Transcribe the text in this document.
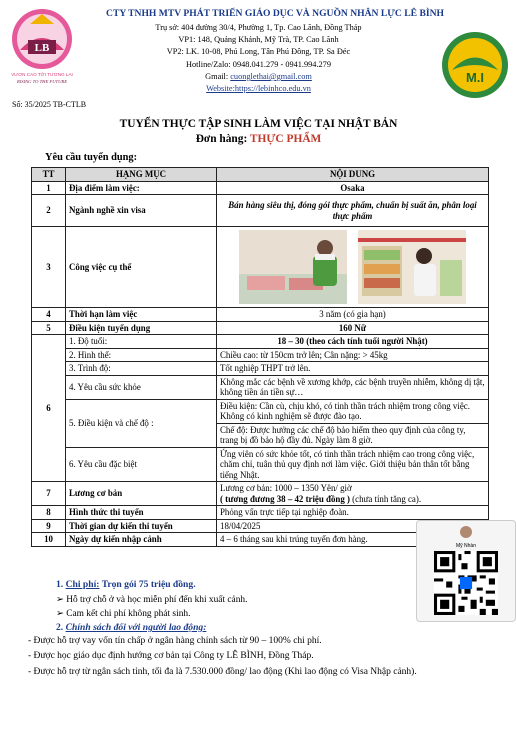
LB
VƯƠN CAO TỚI TƯƠNG LAI
RISING TO THE FUTURE	M.I
CTY TNHH MTV PHÁT TRIỂN GIÁO DỤC VÀ NGUỒN NHÂN LỰC LÊ BÌNH
Trụ sở: 404 đường 30/4, Phường 1, Tp. Cao Lãnh, Đồng Tháp
VP1: 148, Quảng Khánh, Mỹ Trà, TP. Cao Lãnh
VP2: LK. 10-08, Phú Long, Tân Phú Đông, TP. Sa Đéc
Hotline/Zalo: 0948.041.279 - 0941.994.279
Gmail: cuonglethai@gmail.com
Website:https://lebinhco.edu.vn
Số: 35/2025 TB-CTLB
TUYỂN THỰC TẬP SINH LÀM VIỆC TẠI NHẬT BẢN
Đơn hàng: THỰC PHẨM
Yêu cầu tuyển dụng:
TT	HẠNG MỤC	NỘI DUNG
1	Địa điểm làm việc:	Osaka
2	Ngành nghề xin visa	Bán hàng siêu thị, đóng gói thực phẩm, chuẩn bị suất ăn, phân loại thực phẩm
3	Công việc cụ thể	
4	Thời hạn làm việc	3 năm (có gia hạn)
5	Điều kiện tuyển dụng	160 Nữ
6	1. Độ tuổi:	18 – 30 (theo cách tính tuổi người Nhật)
	2. Hình thể:	Chiều cao: từ 150cm trở lên; Cân nặng: > 45kg
	3. Trình độ:	Tốt nghiệp THPT trở lên.
	4. Yêu cầu sức khỏe	Không mắc các bệnh về xương khớp, các bệnh truyền nhiễm, không dị tật, không tiền án tiền sự…
	5. Điều kiện và chế độ :	Điều kiện: Cần cù, chịu khó, có tinh thần trách nhiệm trong công việc. Không có kinh nghiệm sẽ được đào tạo.
		Chế độ: Được hưởng các chế độ bảo hiểm theo quy định của công ty, trang bị đồ bảo hộ đầy đủ. Ngày làm 8 giờ.
	6. Yêu cầu đặc biệt	Ứng viên có sức khỏe tốt, có tinh thần trách nhiệm cao trong công việc, chăm chỉ, tuân thủ quy định nơi làm việc. Giới thiệu bản thân tốt bằng tiếng Nhật.
7	Lương cơ bản	Lương cơ bản: 1000 – 1350 Yên/ giờ
( tương đương 38 – 42 triệu đồng ) (chưa tính tăng ca).

8	Hình thức thi tuyển	Phỏng vấn trực tiếp tại nghiệp đoàn.
9	Thời gian dự kiến thi tuyển	18/04/2025
10	Ngày dự kiến nhập cảnh	4 – 6 tháng sau khi trúng tuyển đơn hàng.
Mỹ Nhàn
1. Chi phí: Trọn gói 75 triệu đồng.
➢ Hỗ trợ chỗ ở và học miễn phí đến khi xuất cảnh.
➢ Cam kết chi phí không phát sinh.
2. Chính sách đối với người lao động:
- Được hỗ trợ vay vốn tín chấp ở ngân hàng chính sách từ 90 – 100% chi phí.
- Được học giáo dục định hướng cơ bản tại Công ty LÊ BÌNH, Đồng Tháp.
- Được hỗ trợ từ ngân sách tỉnh, tối đa là 7.530.000 đồng/ lao động (Khi lao động có Visa Nhập cảnh).
